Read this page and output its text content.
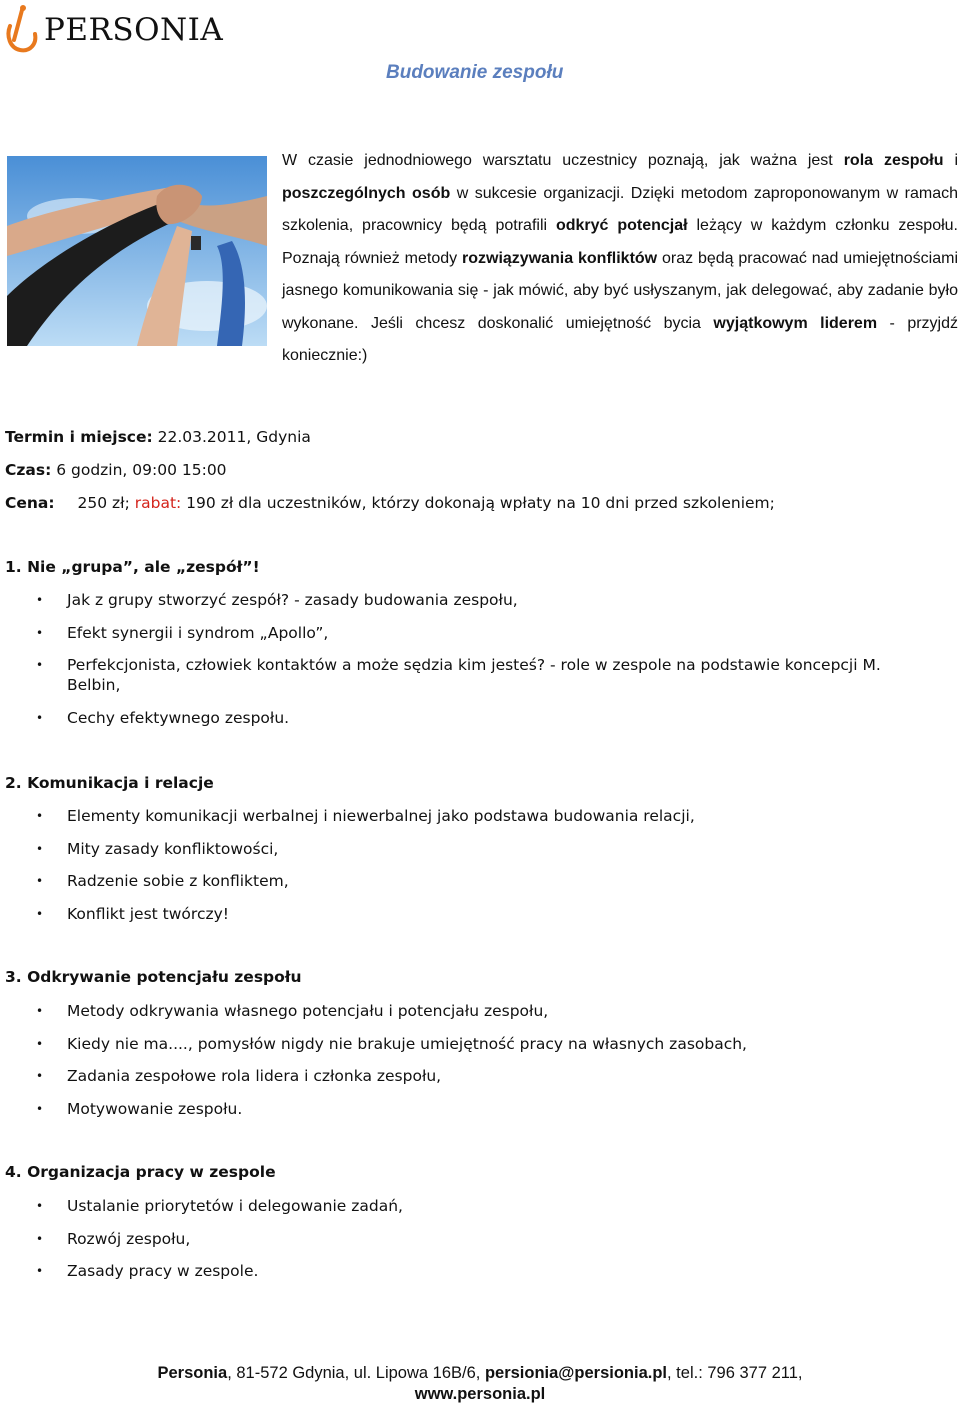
PERSONIA
Budowanie zespołu
W czasie jednodniowego warsztatu uczestnicy poznają, jak ważna jest rola zespołu i poszczególnych osób w sukcesie organizacji. Dzięki metodom zaproponowanym w ramach szkolenia, pracownicy będą potrafili odkryć potencjał leżący w każdym członku zespołu. Poznają również metody rozwiązywania konfliktów oraz będą pracować nad umiejętnościami jasnego komunikowania się - jak mówić, aby być usłyszanym, jak delegować, aby zadanie było wykonane. Jeśli chcesz doskonalić umiejętność bycia wyjątkowym liderem - przyjdź koniecznie:)
Termin i miejsce: 22.03.2011, Gdynia
Czas: 6 godzin, 09:00 15:00
Cena: 250 zł; rabat: 190 zł dla uczestników, którzy dokonają wpłaty na 10 dni przed szkoleniem;
1. Nie „grupa”, ale „zespół”!
• Jak z grupy stworzyć zespół? - zasady budowania zespołu,
• Efekt synergii i syndrom „Apollo”,
• Perfekcjonista, człowiek kontaktów a może sędzia kim jesteś? - role w zespole na podstawie koncepcji M. Belbin,
• Cechy efektywnego zespołu.
2. Komunikacja i relacje
• Elementy komunikacji werbalnej i niewerbalnej jako podstawa budowania relacji,
• Mity zasady konfliktowości,
• Radzenie sobie z konfliktem,
• Konflikt jest twórczy!
3. Odkrywanie potencjału zespołu
• Metody odkrywania własnego potencjału i potencjału zespołu,
• Kiedy nie ma...., pomysłów nigdy nie brakuje umiejętność pracy na własnych zasobach,
• Zadania zespołowe rola lidera i członka zespołu,
• Motywowanie zespołu.
4. Organizacja pracy w zespole
• Ustalanie priorytetów i delegowanie zadań,
• Rozwój zespołu,
• Zasady pracy w zespole.
Personia, 81-572 Gdynia, ul. Lipowa 16B/6, persionia@persionia.pl, tel.: 796 377 211,
www.personia.pl
